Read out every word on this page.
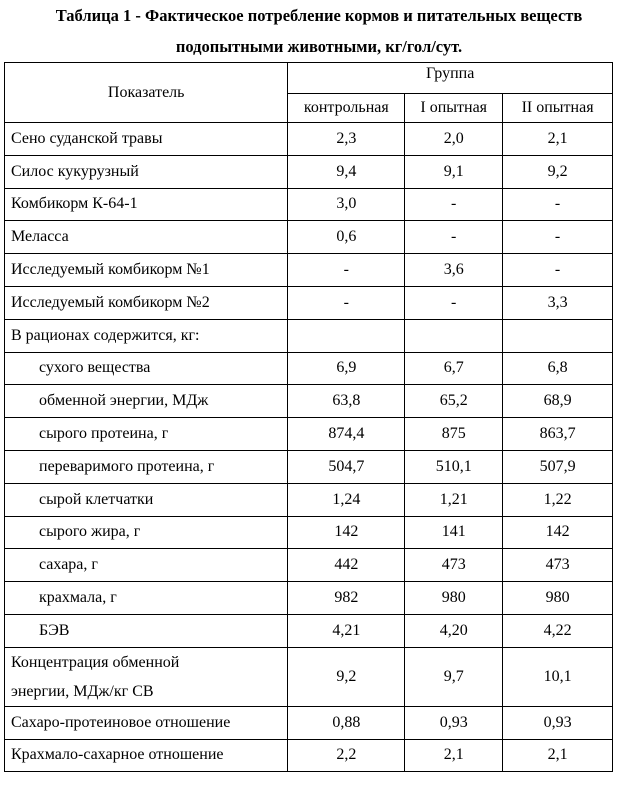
Таблица 1 - Фактическое потребление кормов и питательных веществ
подопытными животными, кг/гол/сут.
Показатель	Группа		
	контрольная	I опытная	II опытная
Сено суданской травы	2,3	2,0	2,1
Силос кукурузный	9,4	9,1	9,2
Комбикорм К-64-1	3,0	-	-
Меласса	0,6	-	-
Исследуемый комбикорм №1	-	3,6	-
Исследуемый комбикорм №2	-	-	3,3
В рационах содержится, кг:			
сухого вещества	6,9	6,7	6,8
обменной энергии, МДж	63,8	65,2	68,9
сырого протеина, г	874,4	875	863,7
переваримого протеина, г	504,7	510,1	507,9
сырой клетчатки	1,24	1,21	1,22
сырого жира, г	142	141	142
сахара, г	442	473	473
крахмала, г	982	980	980
БЭВ	4,21	4,20	4,22

Концентрация обменной
энергии, МДж/кг СВ	9,2	9,7	10,1
Сахаро-протеиновое отношение	0,88	0,93	0,93
Крахмало-сахарное отношение	2,2	2,1	2,1
